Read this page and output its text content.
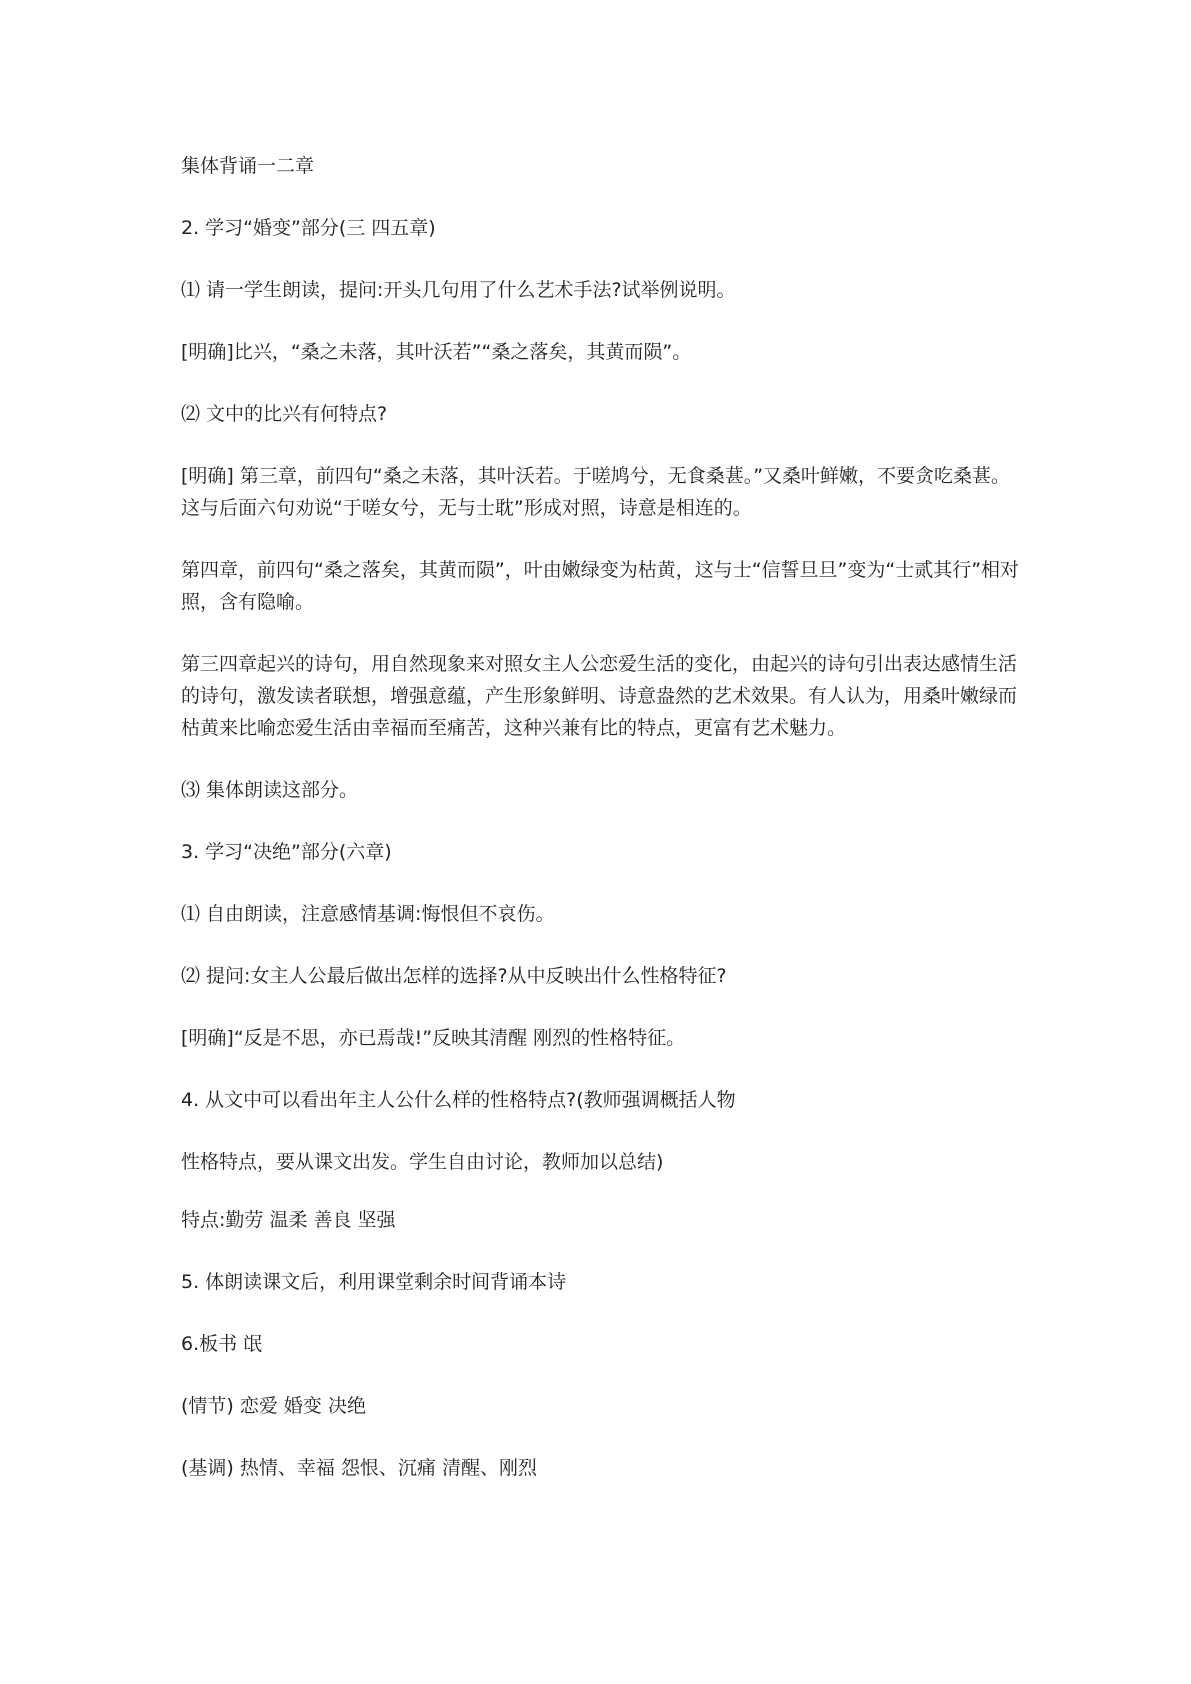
集体背诵一二章

2. 学习“婚变”部分(三 四五章)

⑴ 请一学生朗读，提问:开头几句用了什么艺术手法?试举例说明。

[明确]比兴，“桑之未落，其叶沃若”“桑之落矣，其黄而陨”。

⑵ 文中的比兴有何特点?

[明确] 第三章，前四句“桑之未落，其叶沃若。于嗟鸠兮，无食桑葚。”又桑叶鲜嫩，不要贪吃桑葚。这与后面六句劝说“于嗟女兮，无与士耽”形成对照，诗意是相连的。

第四章，前四句“桑之落矣，其黄而陨”，叶由嫩绿变为枯黄，这与士“信誓旦旦”变为“士贰其行”相对照，含有隐喻。

第三四章起兴的诗句，用自然现象来对照女主人公恋爱生活的变化，由起兴的诗句引出表达感情生活的诗句，激发读者联想，增强意蕴，产生形象鲜明、诗意盎然的艺术效果。有人认为，用桑叶嫩绿而枯黄来比喻恋爱生活由幸福而至痛苦，这种兴兼有比的特点，更富有艺术魅力。

⑶ 集体朗读这部分。

3. 学习“决绝”部分(六章)

⑴ 自由朗读，注意感情基调:悔恨但不哀伤。

⑵ 提问:女主人公最后做出怎样的选择?从中反映出什么性格特征?

[明确]“反是不思，亦已焉哉!”反映其清醒 刚烈的性格特征。

4. 从文中可以看出年主人公什么样的性格特点?(教师强调概括人物

性格特点，要从课文出发。学生自由讨论，教师加以总结)

特点:勤劳 温柔 善良 坚强

5. 体朗读课文后，利用课堂剩余时间背诵本诗

6.板书 氓

(情节) 恋爱 婚变 决绝

(基调) 热情、幸福 怨恨、沉痛 清醒、刚烈
